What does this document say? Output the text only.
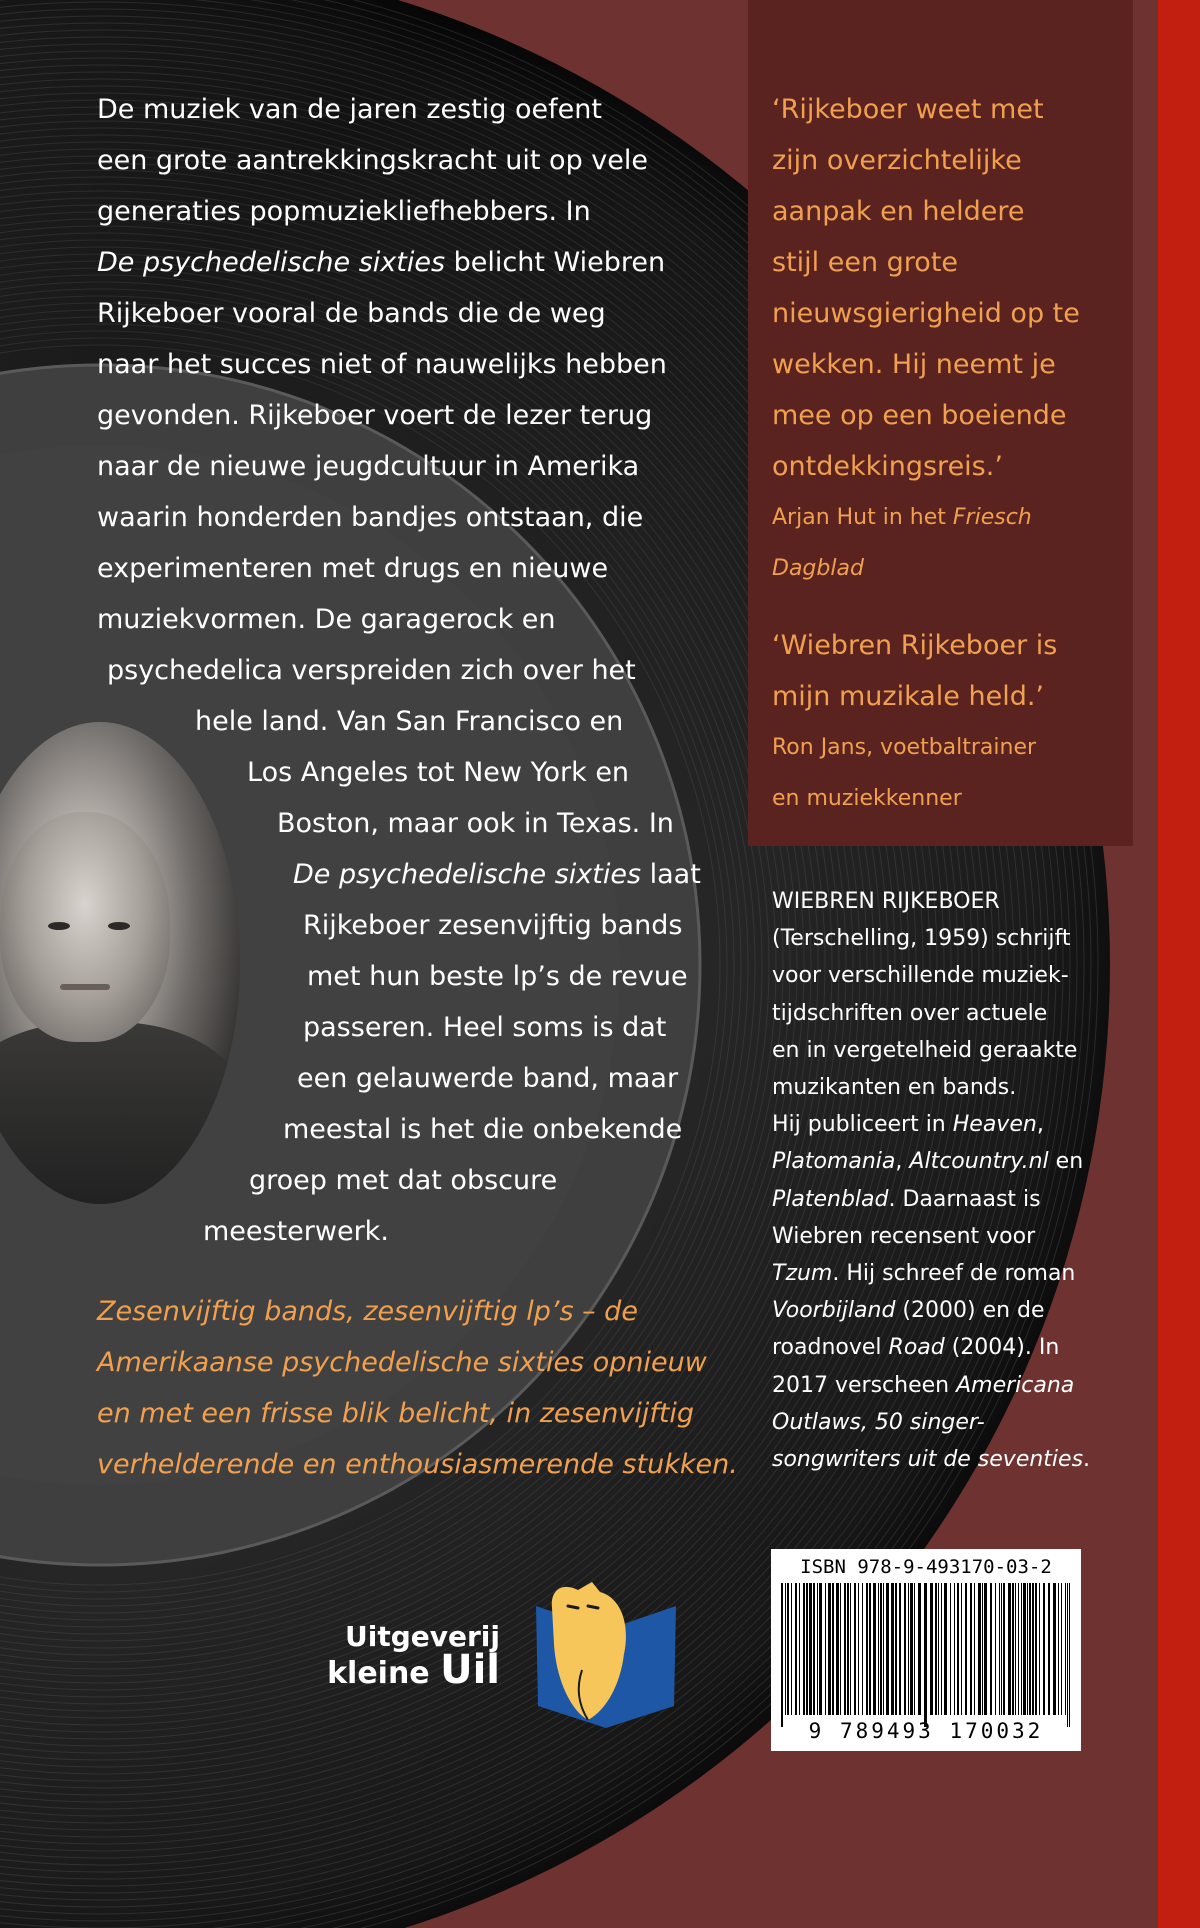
De muziek van de jaren zestig oefent
een grote aantrekkingskracht uit op vele
generaties popmuziekliefhebbers. In
De psychedelische sixties belicht Wiebren
Rijkeboer vooral de bands die de weg
naar het succes niet of nauwelijks hebben
gevonden. Rijkeboer voert de lezer terug
naar de nieuwe jeugdcultuur in Amerika
waarin honderden bandjes ontstaan, die
experimenteren met drugs en nieuwe
muziekvormen. De garagerock en
psychedelica verspreiden zich over het
hele land. Van San Francisco en
Los Angeles tot New York en
Boston, maar ook in Texas. In
De psychedelische sixties laat
Rijkeboer zesenvijftig bands
met hun beste lp’s de revue
passeren. Heel soms is dat
een gelauwerde band, maar
meestal is het die onbekende
groep met dat obscure
meesterwerk.

Zesenvijftig bands, zesenvijftig lp’s – de
Amerikaanse psychedelische sixties opnieuw
en met een frisse blik belicht, in zesenvijftig
verhelderende en enthousiasmerende stukken.

‘Rijkeboer weet met
zijn overzichtelijke
aanpak en heldere
stijl een grote
nieuwsgierigheid op te
wekken. Hij neemt je
mee op een boeiende
ontdekkingsreis.’

Arjan Hut in het Friesch
Dagblad

‘Wiebren Rijkeboer is
mijn muzikale held.’

Ron Jans, voetbaltrainer
en muziekkenner

WIEBREN RIJKEBOER
(Terschelling, 1959) schrijft
voor verschillende muziek-
tijdschriften over actuele
en in vergetelheid geraakte
muzikanten en bands.
Hij publiceert in Heaven,
Platomania, Altcountry.nl en
Platenblad. Daarnaast is
Wiebren recensent voor
Tzum. Hij schreef de roman
Voorbijland (2000) en de
roadnovel Road (2004). In
2017 verscheen Americana
Outlaws, 50 singer-
songwriters uit de seventies.

ISBN 978-9-493170-03-2
9 789493 170032
Uitgeverij
kleine Uil
